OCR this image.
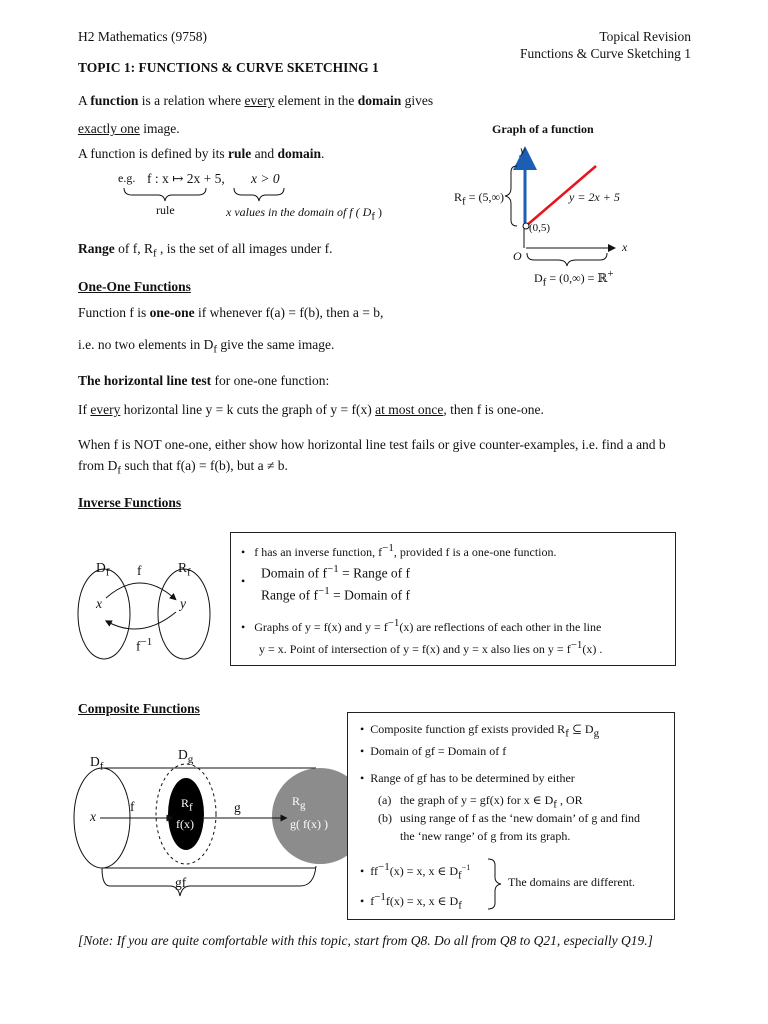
H2 Mathematics (9758)	Topical Revision
Functions & Curve Sketching 1
TOPIC 1: FUNCTIONS & CURVE SKETCHING 1
A function is a relation where every element in the domain gives
exactly one image.
A function is defined by its rule and domain.
e.g. f : x ↦ 2x + 5, x > 0
rule	x values in the domain of f ( $D_f$ )
Range of f, $R_f$ , is the set of all images under f.
Graph of a function
y
x
O
(0,5)
y = 2x + 5
$R_f = (5,\infty)$
$D_f = (0,\infty)$ = ℝ+
One-One Functions
Function f is one-one if whenever f(a) = f(b), then a = b,
i.e. no two elements in $D_f$ give the same image.
The horizontal line test for one-one function:
If every horizontal line y = k cuts the graph of y = f(x) at most once, then f is one-one.
When f is NOT one-one, either show how horizontal line test fails or give counter-examples, i.e. find a and b
from $D_f$ such that f(a) = f(b), but a ≠ b.
Inverse Functions
$D_f$	$R_f$
f
x	y
$f^{-1}$
•   f has an inverse function, $f^{-1}$, provided f is a one-one function.
•
Domain of $f^{-1}$ = Range of f
Range of $f^{-1}$ = Domain of f
•   Graphs of y = f(x) and $y = f^{-1}(x)$ are reflections of each other in the line
y = x. Point of intersection of y = f(x) and y = x also lies on $y = f^{-1}(x)$ .
Composite Functions
$D_f$
$D_g$
x
f	$R_f$
f(x)
g	$R_g$
g( f(x) )
gf
•  Composite function gf exists provided $R_f$ ⊆ $D_g$
•  Domain of gf = Domain of f
•  Range of gf has to be determined by either
(a) the graph of y = gf(x) for x ∈ $D_f$ , OR
(b) using range of f as the ‘new domain’ of g and find
the ‘new range’ of g from its graph.
•  $ff^{-1}(x) = x$, x ∈ $D_f^{-1}$
•  $f^{-1}f(x) = x$, x ∈ $D_f$
The domains are different.
[Note: If you are quite comfortable with this topic, start from Q8. Do all from Q8 to Q21, especially Q19.]
